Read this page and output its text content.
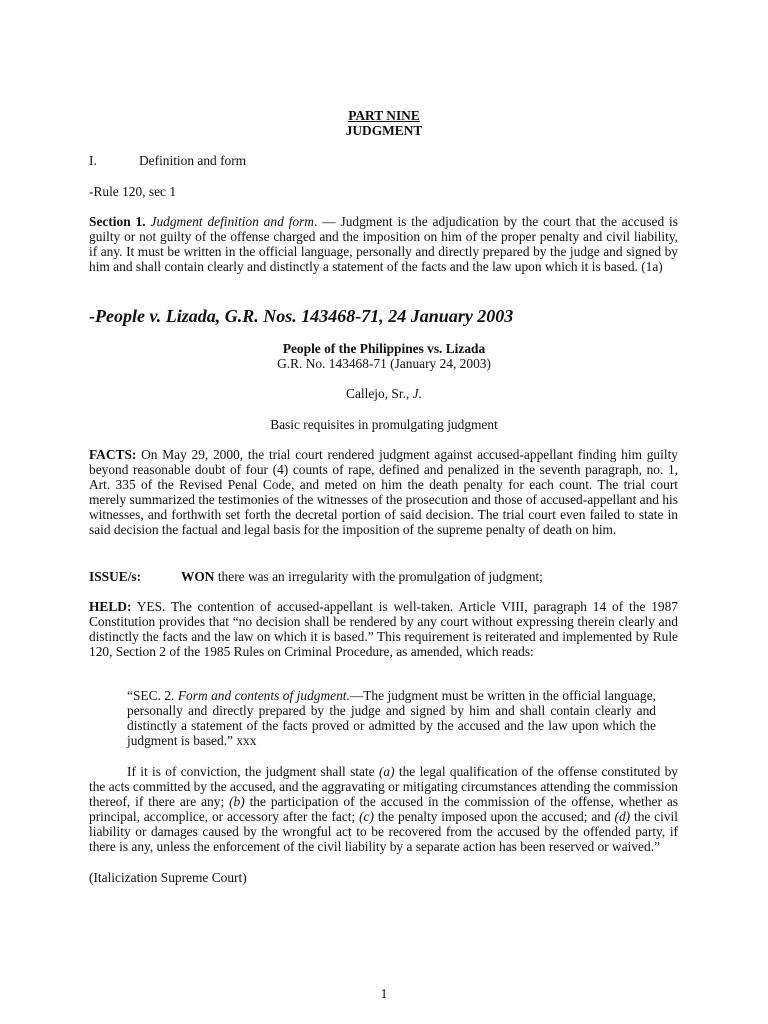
PART NINE
JUDGMENT
I.	Definition and form
-Rule 120, sec 1
Section 1. Judgment definition and form. — Judgment is the adjudication by the court that the accused is guilty or not guilty of the offense charged and the imposition on him of the proper penalty and civil liability, if any. It must be written in the official language, personally and directly prepared by the judge and signed by him and shall contain clearly and distinctly a statement of the facts and the law upon which it is based. (1a)
-People v. Lizada, G.R. Nos. 143468-71, 24 January 2003
People of the Philippines vs. Lizada
G.R. No. 143468-71 (January 24, 2003)
Callejo, Sr., J.
Basic requisites in promulgating judgment
FACTS: On May 29, 2000, the trial court rendered judgment against accused-appellant finding him guilty beyond reasonable doubt of four (4) counts of rape, defined and penalized in the seventh paragraph, no. 1, Art. 335 of the Revised Penal Code, and meted on him the death penalty for each count. The trial court merely summarized the testimonies of the witnesses of the prosecution and those of accused-appellant and his witnesses, and forthwith set forth the decretal portion of said decision. The trial court even failed to state in said decision the factual and legal basis for the imposition of the supreme penalty of death on him.
ISSUE/s:	WON there was an irregularity with the promulgation of judgment;
HELD: YES. The contention of accused-appellant is well-taken. Article VIII, paragraph 14 of the 1987 Constitution provides that “no decision shall be rendered by any court without expressing therein clearly and distinctly the facts and the law on which it is based.” This requirement is reiterated and implemented by Rule 120, Section 2 of the 1985 Rules on Criminal Procedure, as amended, which reads:
“SEC. 2. Form and contents of judgment.—The judgment must be written in the official language, personally and directly prepared by the judge and signed by him and shall contain clearly and distinctly a statement of the facts proved or admitted by the accused and the law upon which the judgment is based.” xxx
If it is of conviction, the judgment shall state (a) the legal qualification of the offense constituted by the acts committed by the accused, and the aggravating or mitigating circumstances attending the commission thereof, if there are any; (b) the participation of the accused in the commission of the offense, whether as principal, accomplice, or accessory after the fact; (c) the penalty imposed upon the accused; and (d) the civil liability or damages caused by the wrongful act to be recovered from the accused by the offended party, if there is any, unless the enforcement of the civil liability by a separate action has been reserved or waived.”
(Italicization Supreme Court)
1
